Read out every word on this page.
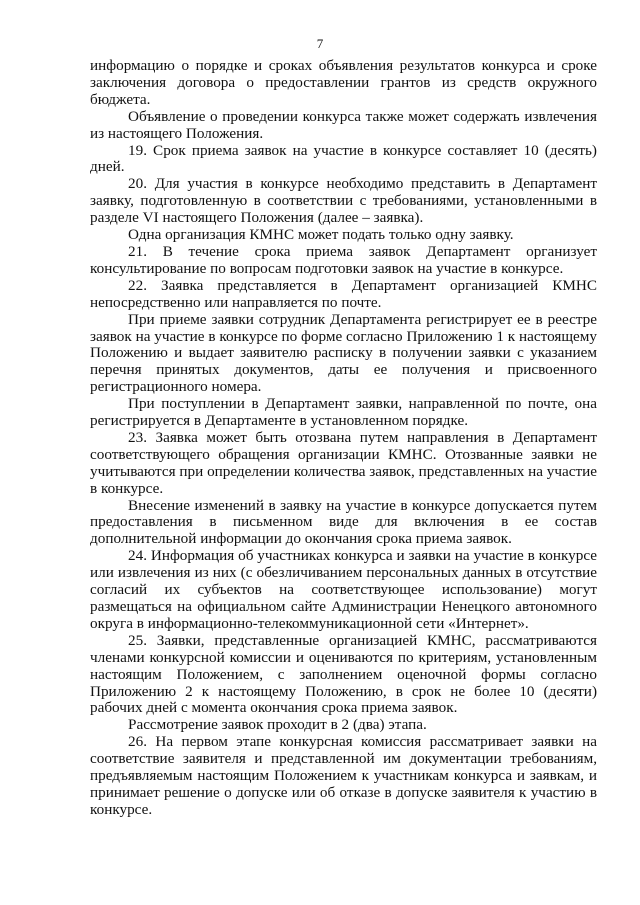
7

информацию о порядке и сроках объявления результатов конкурса и сроке заключения договора о предоставлении грантов из средств окружного бюджета.

Объявление о проведении конкурса также может содержать извлечения из настоящего Положения.

19. Срок приема заявок на участие в конкурсе составляет 10 (десять) дней.

20. Для участия в конкурсе необходимо представить в Департамент заявку, подготовленную в соответствии с требованиями, установленными в разделе VI настоящего Положения (далее – заявка).

Одна организация КМНС может подать только одну заявку.

21. В течение срока приема заявок Департамент организует консультирование по вопросам подготовки заявок на участие в конкурсе.

22. Заявка представляется в Департамент организацией КМНС непосредственно или направляется по почте.

При приеме заявки сотрудник Департамента регистрирует ее в реестре заявок на участие в конкурсе по форме согласно Приложению 1 к настоящему Положению и выдает заявителю расписку в получении заявки с указанием перечня принятых документов, даты ее получения и присвоенного регистрационного номера.

При поступлении в Департамент заявки, направленной по почте, она регистрируется в Департаменте в установленном порядке.

23. Заявка может быть отозвана путем направления в Департамент соответствующего обращения организации КМНС. Отозванные заявки не учитываются при определении количества заявок, представленных на участие в конкурсе.

Внесение изменений в заявку на участие в конкурсе допускается путем предоставления в письменном виде для включения в ее состав дополнительной информации до окончания срока приема заявок.

24. Информация об участниках конкурса и заявки на участие в конкурсе или извлечения из них (с обезличиванием персональных данных в отсутствие согласий их субъектов на соответствующее использование) могут размещаться на официальном сайте Администрации Ненецкого автономного округа в информационно-телекоммуникационной сети «Интернет».

25. Заявки, представленные организацией КМНС, рассматриваются членами конкурсной комиссии и оцениваются по критериям, установленным настоящим Положением, с заполнением оценочной формы согласно Приложению 2 к настоящему Положению, в срок не более 10 (десяти) рабочих дней с момента окончания срока приема заявок.

Рассмотрение заявок проходит в 2 (два) этапа.

26. На первом этапе конкурсная комиссия рассматривает заявки на соответствие заявителя и представленной им документации требованиям, предъявляемым настоящим Положением к участникам конкурса и заявкам, и принимает решение о допуске или об отказе в допуске заявителя к участию в конкурсе.
